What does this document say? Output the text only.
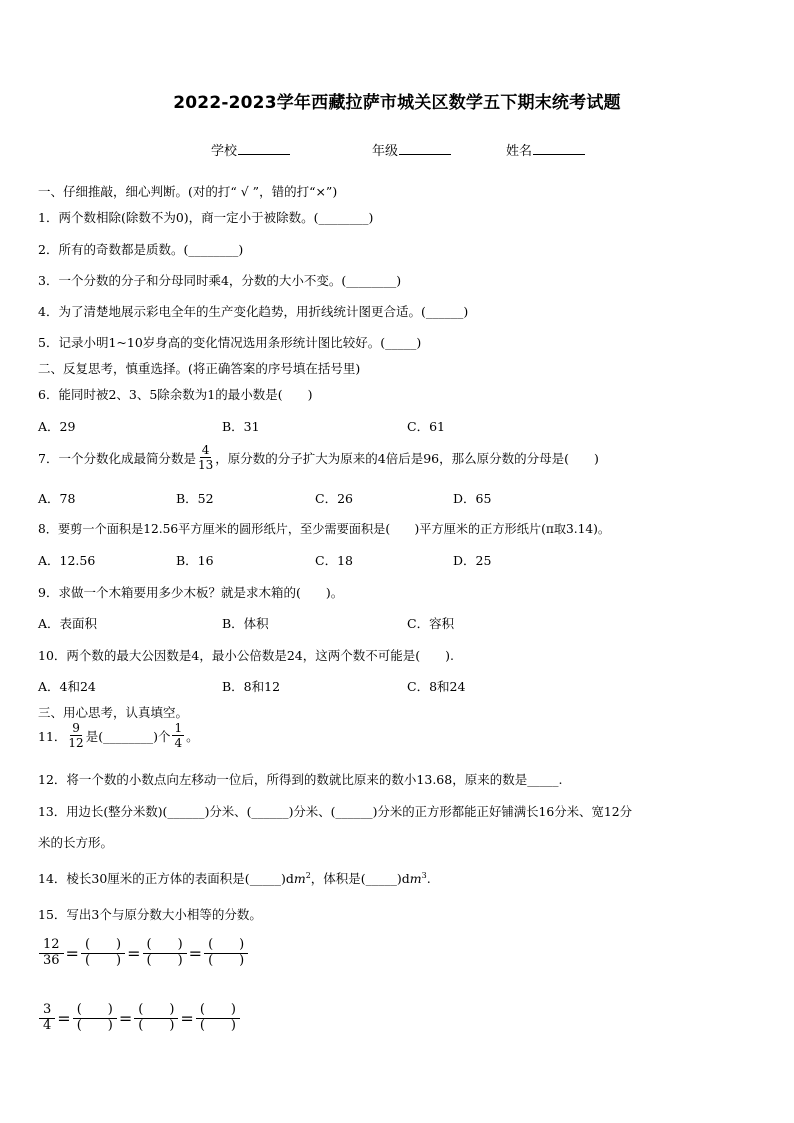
2022-2023学年西藏拉萨市城关区数学五下期末统考试题
学校	年级	姓名
一、仔细推敲，细心判断。(对的打“ √ ”，错的打“×”)
1．两个数相除(除数不为0)，商一定小于被除数。(________)
2．所有的奇数都是质数。(________)
3．一个分数的分子和分母同时乘4，分数的大小不变。(________)
4．为了清楚地展示彩电全年的生产变化趋势，用折线统计图更合适。(______)
5．记录小明1~10岁身高的变化情况选用条形统计图比较好。(_____)
二、反复思考，慎重选择。(将正确答案的序号填在括号里)
6．能同时被2、3、5除余数为1的最小数是(　　)
A．29	B．31	C．61
7．一个分数化成最简分数是 $\frac{4}{13}$ ，原分数的分子扩大为原来的4倍后是96，那么原分数的分母是(　　)
A．78	B．52	C．26	D．65
8．要剪一个面积是12.56平方厘米的圆形纸片，至少需要面积是(　　)平方厘米的正方形纸片(π取3.14)。
A．12.56	B．16	C．18	D．25
9．求做一个木箱要用多少木板？就是求木箱的(　　)。
A．表面积	B．体积	C．容积
10．两个数的最大公因数是4，最小公倍数是24，这两个数不可能是(　　).
A．4和24	B．8和12	C．8和24
三、用心思考，认真填空。
11． $\frac{9}{12}$ 是(________)个 $\frac{1}{4}$ 。
12．将一个数的小数点向左移动一位后，所得到的数就比原来的数小13.68，原来的数是_____.
13．用边长(整分米数)(______)分米、(______)分米、(______)分米的正方形都能正好铺满长16分米、宽12分
米的长方形。
14．棱长30厘米的正方体的表面积是$(\_\_\_\_\_)dm^2$，体积是$(\_\_\_\_\_)dm^3$.
15．写出3个与原分数大小相等的分数。
$\frac{12}{36}$ = (　　)
(　　) = (　　)
(　　) = (　　)
(　　)
$\frac{3}{4}$ = (　　)
(　　) = (　　)
(　　) = (　　)
(　　)
